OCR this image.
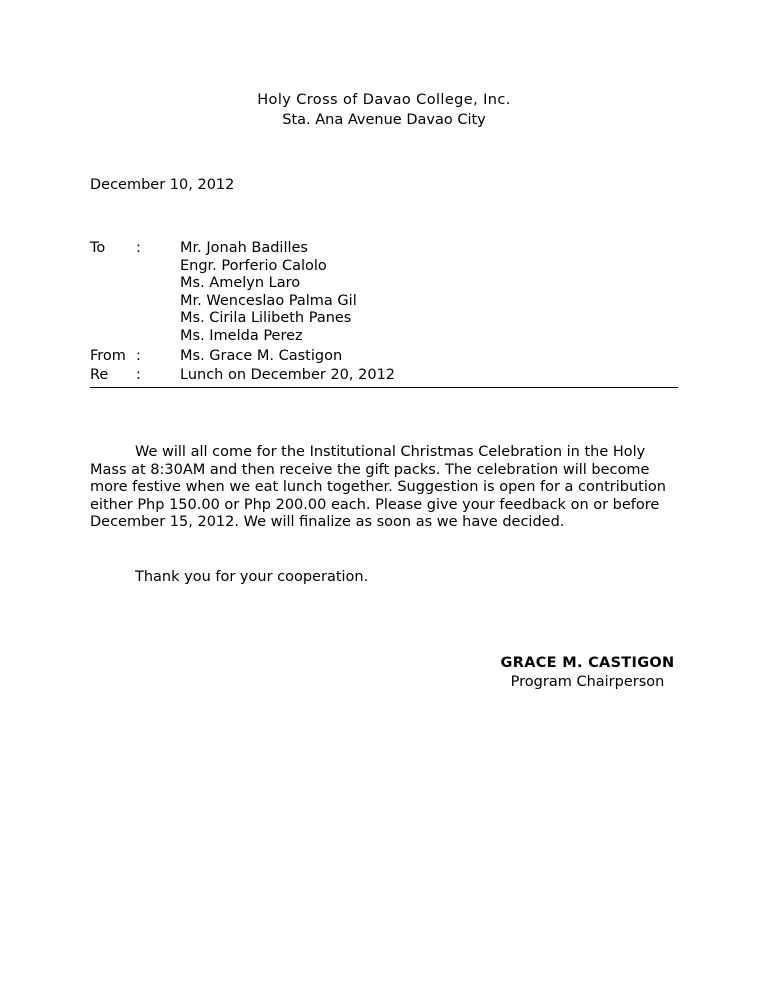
Holy Cross of Davao College, Inc.
Sta. Ana Avenue Davao City
December 10, 2012
To :	Mr. Jonah Badilles
Engr. Porferio Calolo
Ms. Amelyn Laro
Mr. Wenceslao Palma Gil
Ms. Cirila Lilibeth Panes
Ms. Imelda Perez
From :	Ms. Grace M. Castigon
Re :	Lunch on December 20, 2012

We will all come for the Institutional Christmas Celebration in the Holy Mass at 8:30AM and then receive the gift packs. The celebration will become more festive when we eat lunch together. Suggestion is open for a contribution either Php 150.00 or Php 200.00 each. Please give your feedback on or before December 15, 2012. We will finalize as soon as we have decided.

Thank you for your cooperation.
GRACE M. CASTIGON
Program Chairperson
